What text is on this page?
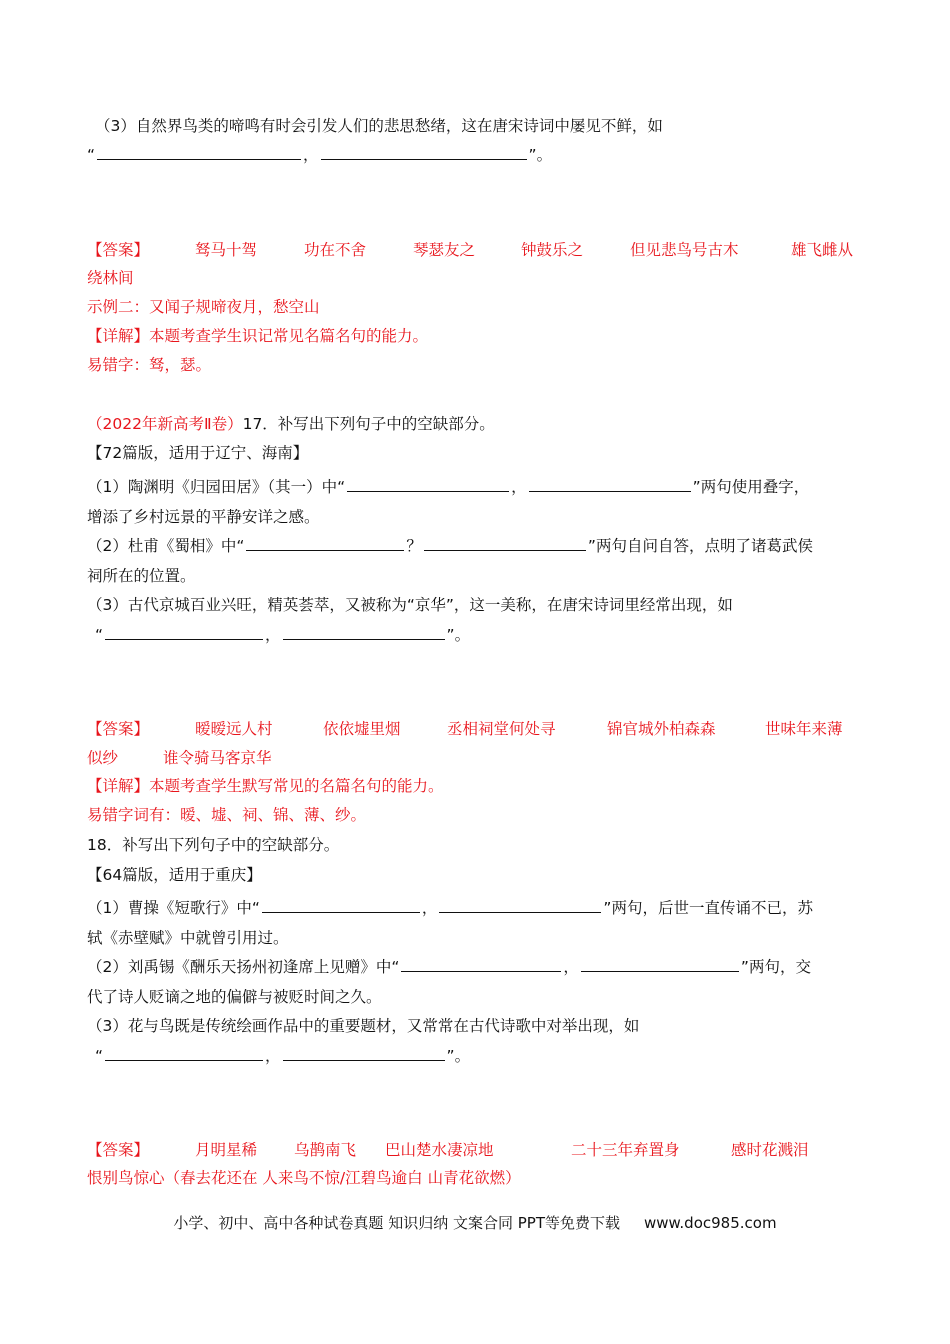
（3）自然界鸟类的啼鸣有时会引发人们的悲思愁绪，这在唐宋诗词中屡见不鲜，如
“	，	”。
【答案】	驽马十驾	功在不舍	琴瑟友之	钟鼓乐之	但见悲鸟号古木	雄飞雌从
绕林间
示例二：又闻子规啼夜月，愁空山
【详解】本题考查学生识记常见名篇名句的能力。
易错字：驽，瑟。
（2022年新高考Ⅱ卷）17．补写出下列句子中的空缺部分。
【72篇版，适用于辽宁、海南】
（1）陶渊明《归园田居》（其一）中“	，	”两句使用叠字，
增添了乡村远景的平静安详之感。
（2）杜甫《蜀相》中“	？	”两句自问自答，点明了诸葛武侯
祠所在的位置。
（3）古代京城百业兴旺，精英荟萃，又被称为“京华”，这一美称，在唐宋诗词里经常出现，如
“	，	”。
【答案】	暧暧远人村	依依墟里烟	丞相祠堂何处寻	锦官城外柏森森	世味年来薄
似纱	谁令骑马客京华
【详解】本题考查学生默写常见的名篇名句的能力。
易错字词有：暧、墟、祠、锦、薄、纱。
18．补写出下列句子中的空缺部分。
【64篇版，适用于重庆】
（1）曹操《短歌行》中“	，	”两句，后世一直传诵不已，苏
轼《赤壁赋》中就曾引用过。
（2）刘禹锡《酬乐天扬州初逢席上见赠》中“	，	”两句，交
代了诗人贬谪之地的偏僻与被贬时间之久。
（3）花与鸟既是传统绘画作品中的重要题材，又常常在古代诗歌中对举出现，如
“	，	”。
【答案】	月明星稀 乌鹊南飞 巴山楚水凄凉地	二十三年弃置身	感时花溅泪
恨别鸟惊心（春去花还在 人来鸟不惊/江碧鸟逾白 山青花欲燃）
小学、初中、高中各种试卷真题 知识归纳 文案合同 PPT等免费下载 www.doc985.com
